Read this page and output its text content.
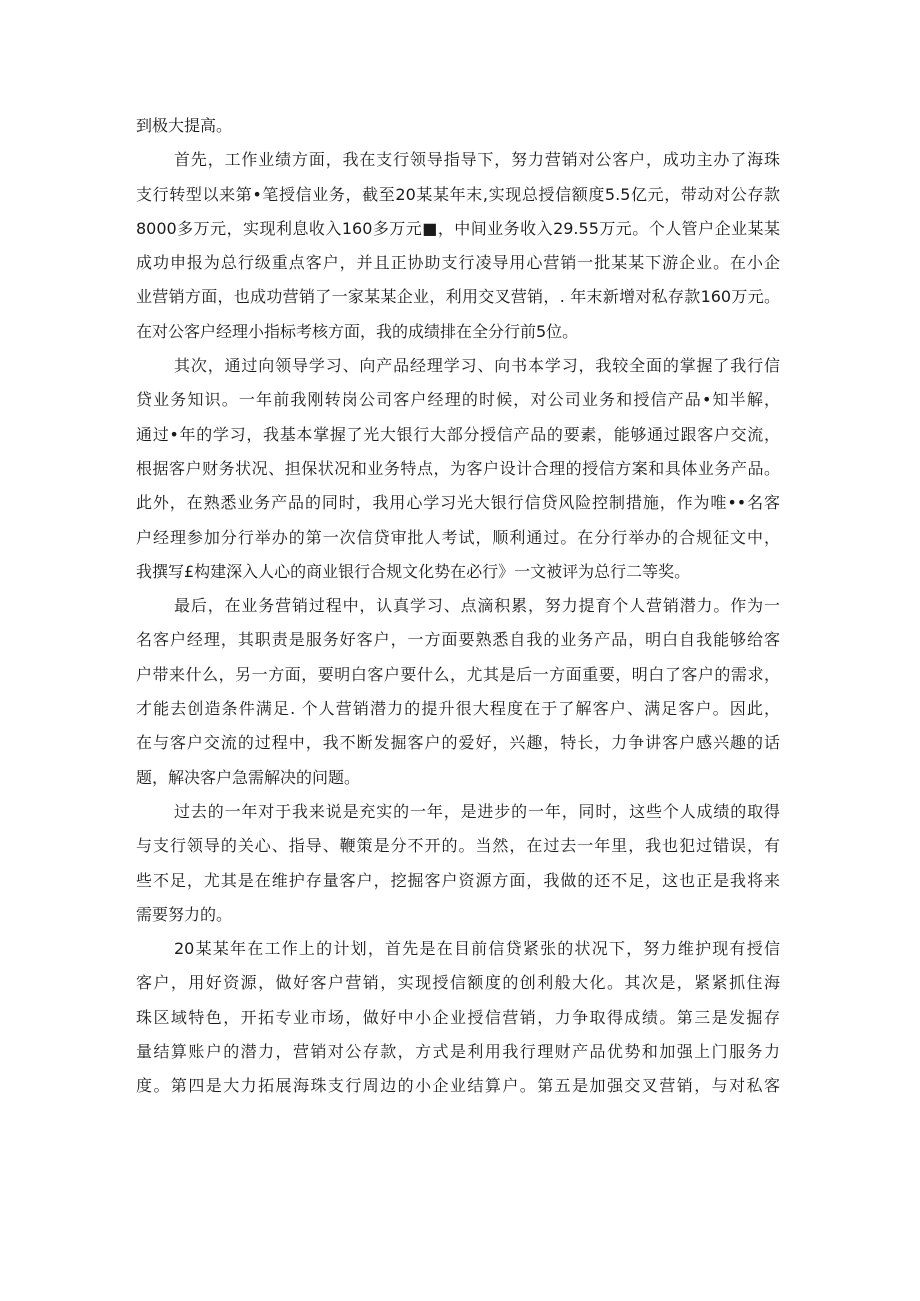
到极大提高。
首先，工作业绩方面，我在支行领导指导下，努力营销对公客户，成功主办了海珠
支行转型以来第•笔授信业务，截至20某某年末,实现总授信额度5.5亿元，带动对公存款
8000多万元，实现利息收入160多万元■，中间业务收入29.55万元。个人管户企业某某
成功申报为总行级重点客户，并且正协助支行凌导用心营销一批某某下游企业。在小企
业营销方面，也成功营销了一家某某企业，利用交叉营销，. 年末新增对私存款160万元。
在对公客户经理小指标考核方面，我的成绩排在全分行前5位。
其次，通过向领导学习、向产品经理学习、向书本学习，我较全面的掌握了我行信
贷业务知识。一年前我刚转岗公司客户经理的时候，对公司业务和授信产品•知半解，
通过•年的学习，我基本掌握了光大银行大部分授信产品的要素，能够通过跟客户交流，
根据客户财务状况、担保状况和业务特点，为客户设计合理的授信方案和具体业务产品。
此外，在熟悉业务产品的同时，我用心学习光大银行信贷风险控制措施，作为唯••名客
户经理参加分行举办的第一次信贷审批人考试，顺利通过。在分行举办的合规征文中，
我撰写£构建深入人心的商业银行合规文化势在必行》一文被评为总行二等奖。
最后，在业务营销过程中，认真学习、点滴积累，努力提育个人营销潜力。作为一
名客户经理，其职责是服务好客户，一方面要熟悉自我的业务产品，明白自我能够给客
户带来什么，另一方面，要明白客户要什么，尤其是后一方面重要，明白了客户的需求，
才能去创造条件满足. 个人营销潜力的提升很大程度在于了解客户、满足客户。因此，
在与客户交流的过程中，我不断发掘客户的爱好，兴趣，特长，力争讲客户感兴趣的话
题，解决客户急需解决的问题。
过去的一年对于我来说是充实的一年，是进步的一年，同时，这些个人成绩的取得
与支行领导的关心、指导、鞭策是分不开的。当然，在过去一年里，我也犯过错误，有
些不足，尤其是在维护存量客户，挖掘客户资源方面，我做的还不足，这也正是我将来
需要努力的。
20某某年在工作上的计划，首先是在目前信贷紧张的状况下，努力维护现有授信
客户，用好资源，做好客户营销，实现授信额度的创利般大化。其次是，紧紧抓住海
珠区域特色，开拓专业市场，做好中小企业授信营销，力争取得成绩。第三是发掘存
量结算账户的潜力，营销对公存款，方式是利用我行理财产品优势和加强上门服务力
度。第四是大力拓展海珠支行周边的小企业结算户。第五是加强交叉营销，与对私客
